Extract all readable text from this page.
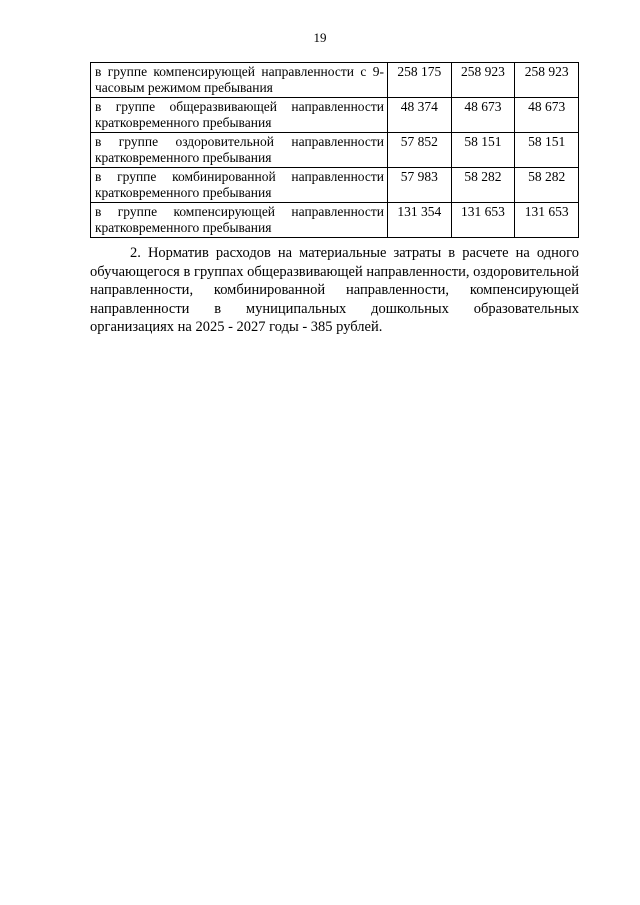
19
в группе компенсирующей направленности с 9-часовым режимом пребывания	258 175	258 923	258 923
в группе общеразвивающей направленности кратковременного пребывания	48 374	48 673	48 673
в группе оздоровительной направленности кратковременного пребывания	57 852	58 151	58 151
в группе комбинированной направленности кратковременного пребывания	57 983	58 282	58 282
в группе компенсирующей направленности кратковременного пребывания	131 354	131 653	131 653

2. Норматив расходов на материальные затраты в расчете на одного обучающегося в группах общеразвивающей направленности, оздоровительной направленности, комбинированной направленности, компенсирующей направленности в муниципальных дошкольных образовательных организациях на 2025 - 2027 годы - 385 рублей.
